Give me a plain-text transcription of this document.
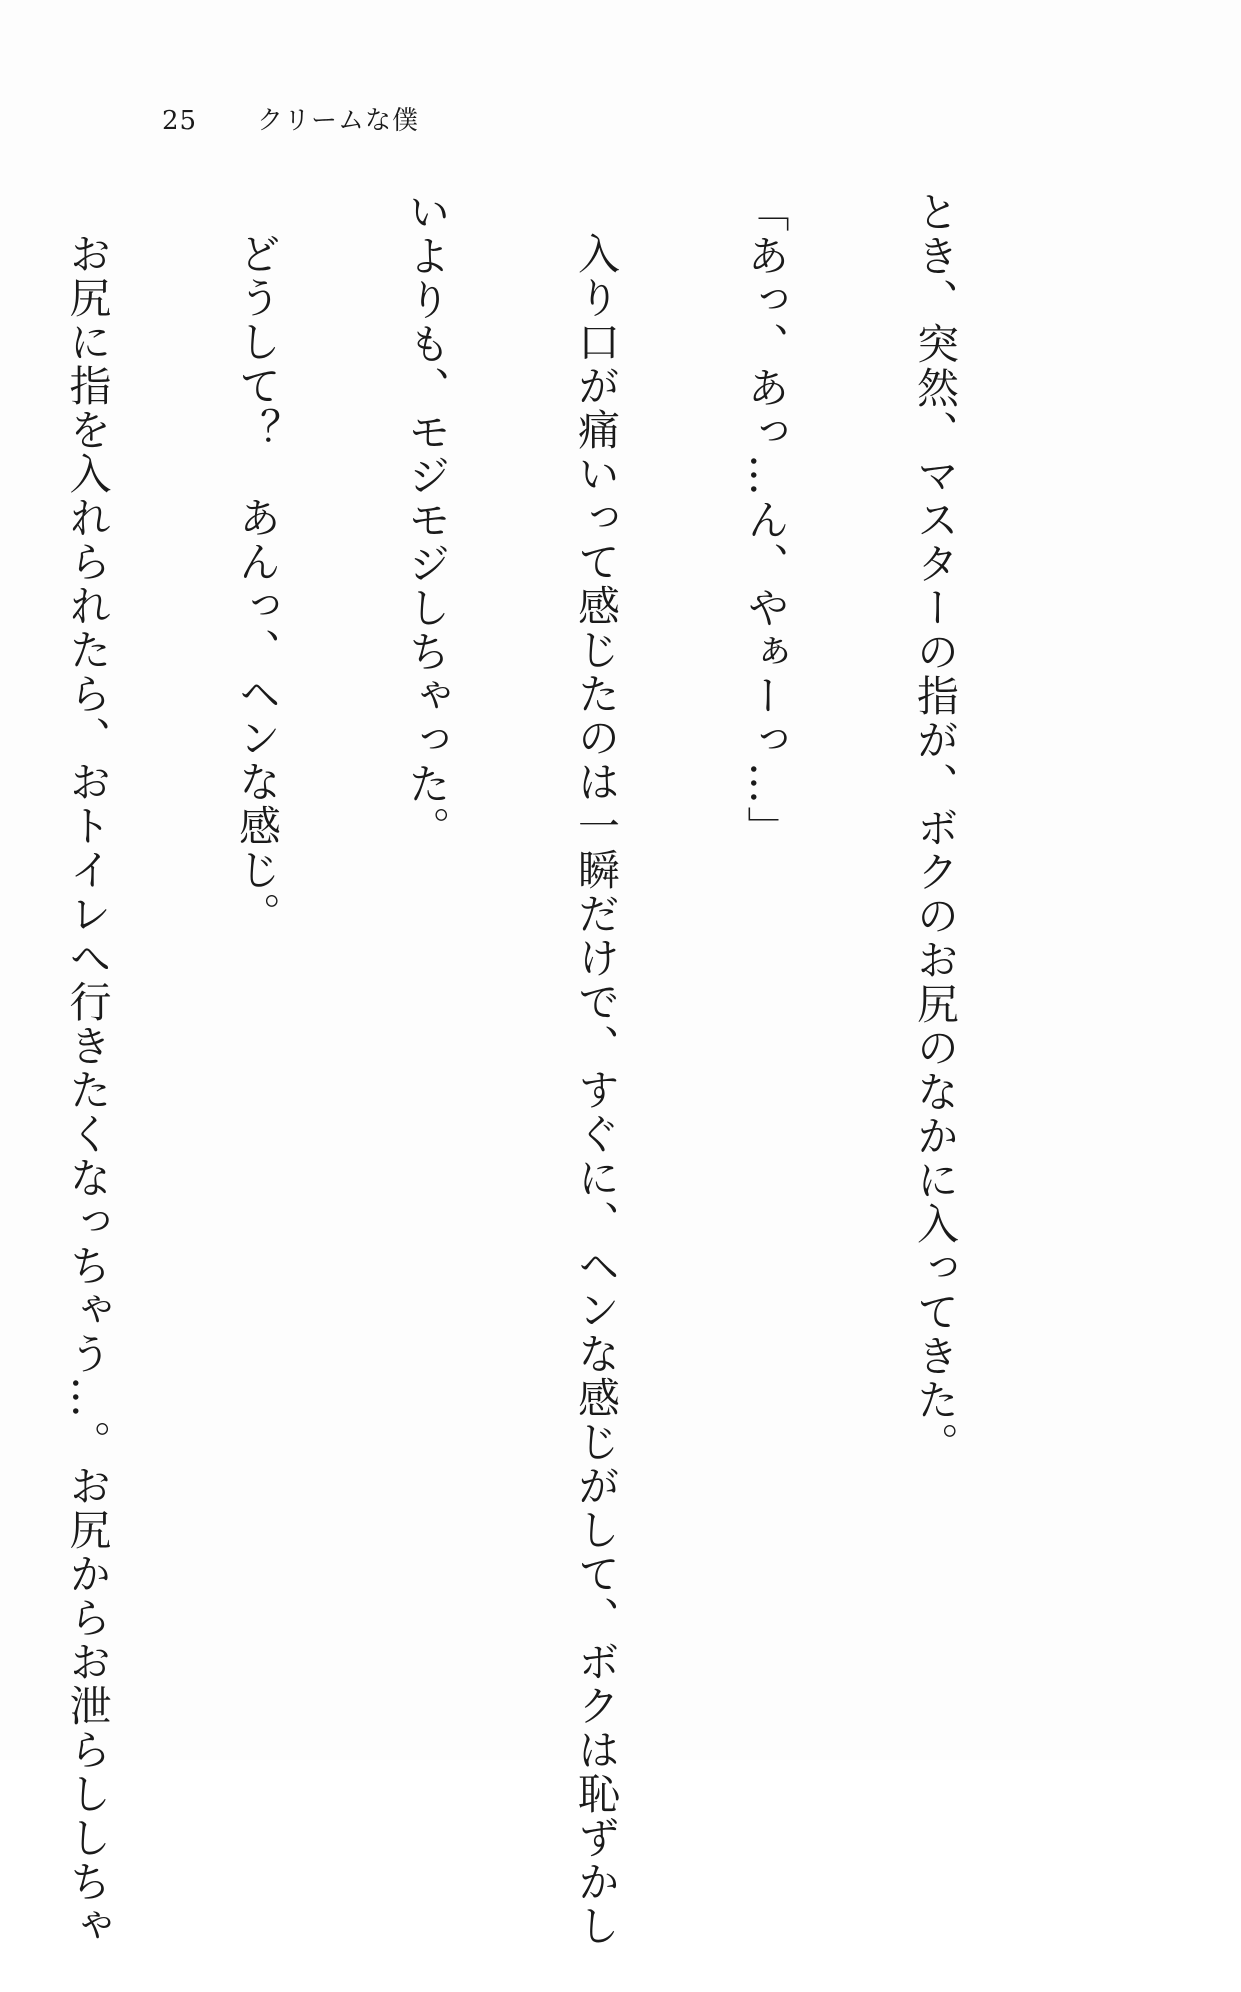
25 クリームな僕

とき、突然、マスターの指が、ボクのお尻のなかに入ってきた。

「あっ、あっ…ん、やぁーっ…」

入り口が痛いって感じたのは一瞬だけで、すぐに、ヘンな感じがして、ボクは恥ずかし

いよりも、モジモジしちゃった。

どうして？　あんっ、ヘンな感じ。

お尻に指を入れられたら、おトイレへ行きたくなっちゃう…。お尻からお泄らししちゃ
